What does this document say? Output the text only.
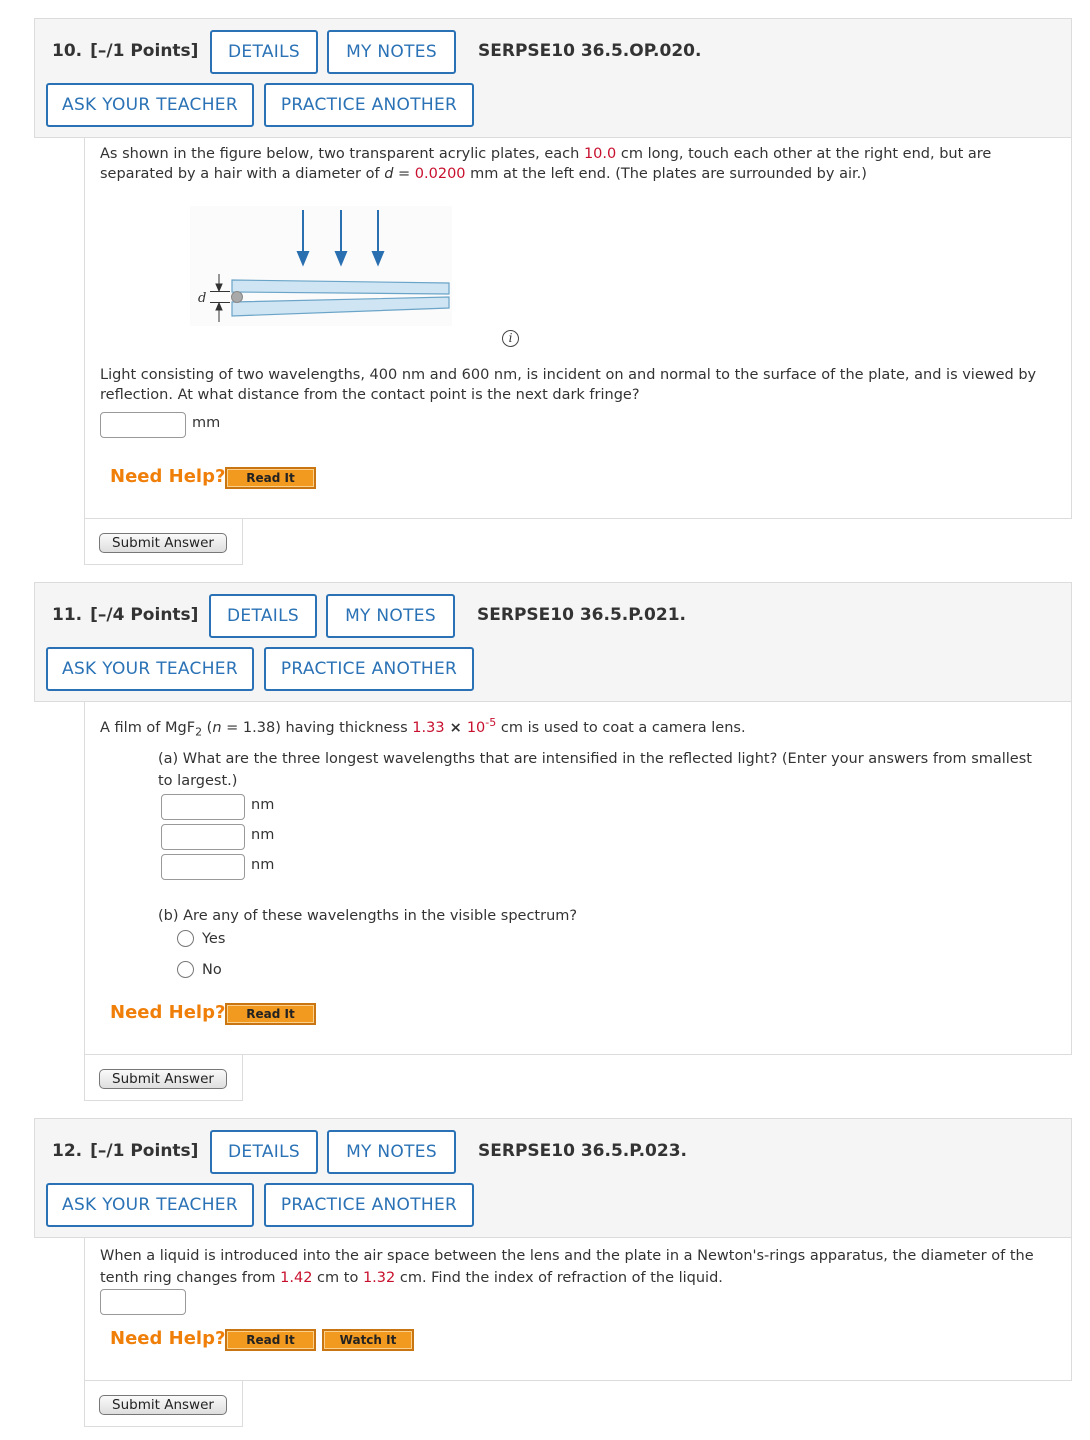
10. [–/1 Points]	DETAILS	MY NOTES	SERPSE10 36.5.OP.020.
ASK YOUR TEACHER	PRACTICE ANOTHER
As shown in the figure below, two transparent acrylic plates, each 10.0 cm long, touch each other at the right end, but are
separated by a hair with a diameter of d = 0.0200 mm at the left end. (The plates are surrounded by air.)
d
i
Light consisting of two wavelengths, 400 nm and 600 nm, is incident on and normal to the surface of the plate, and is viewed by
reflection. At what distance from the contact point is the next dark fringe?
mm
Need Help?	Read It
Submit Answer
11. [–/4 Points]	DETAILS	MY NOTES	SERPSE10 36.5.P.021.
ASK YOUR TEACHER	PRACTICE ANOTHER
A film of MgF$_2$ (n = 1.38) having thickness $1.33 \times 10^{-5}$ cm is used to coat a camera lens.
(a) What are the three longest wavelengths that are intensified in the reflected light? (Enter your answers from smallest
to largest.)
nm
nm
nm
(b) Are any of these wavelengths in the visible spectrum?
Yes
No
Need Help?	Read It
Submit Answer
12. [–/1 Points]	DETAILS	MY NOTES	SERPSE10 36.5.P.023.
ASK YOUR TEACHER	PRACTICE ANOTHER
When a liquid is introduced into the air space between the lens and the plate in a Newton's-rings apparatus, the diameter of the
tenth ring changes from 1.42 cm to 1.32 cm. Find the index of refraction of the liquid.
Need Help?	Read It	Watch It
Submit Answer
